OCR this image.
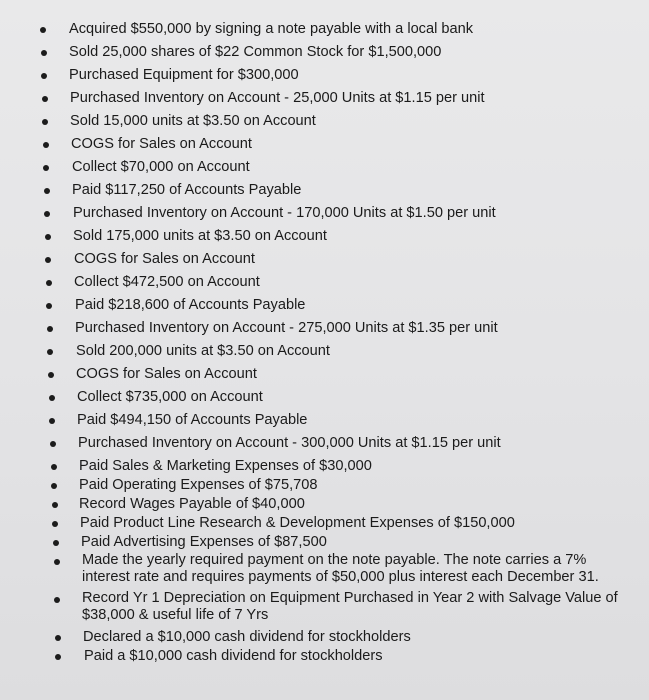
Acquired $550,000 by signing a note payable with a local bank
Sold 25,000 shares of $22 Common Stock for $1,500,000
Purchased Equipment for $300,000
Purchased Inventory on Account - 25,000 Units at $1.15 per unit
Sold 15,000 units at $3.50 on Account
COGS for Sales on Account
Collect $70,000 on Account
Paid $117,250 of Accounts Payable
Purchased Inventory on Account - 170,000 Units at $1.50 per unit
Sold 175,000 units at $3.50 on Account
COGS for Sales on Account
Collect $472,500 on Account
Paid $218,600 of Accounts Payable
Purchased Inventory on Account - 275,000 Units at $1.35 per unit
Sold 200,000 units at $3.50 on Account
COGS for Sales on Account
Collect $735,000 on Account
Paid $494,150 of Accounts Payable
Purchased Inventory on Account - 300,000 Units at $1.15 per unit
Paid Sales & Marketing Expenses of $30,000
Paid Operating Expenses of $75,708
Record Wages Payable of $40,000
Paid Product Line Research & Development Expenses of $150,000
Paid Advertising Expenses of $87,500
Made the yearly required payment on the note payable. The note carries a 7% interest rate and requires payments of $50,000 plus interest each December 31.
Record Yr 1 Depreciation on Equipment Purchased in Year 2 with Salvage Value of $38,000 & useful life of 7 Yrs
Declared a $10,000 cash dividend for stockholders
Paid a $10,000 cash dividend for stockholders
